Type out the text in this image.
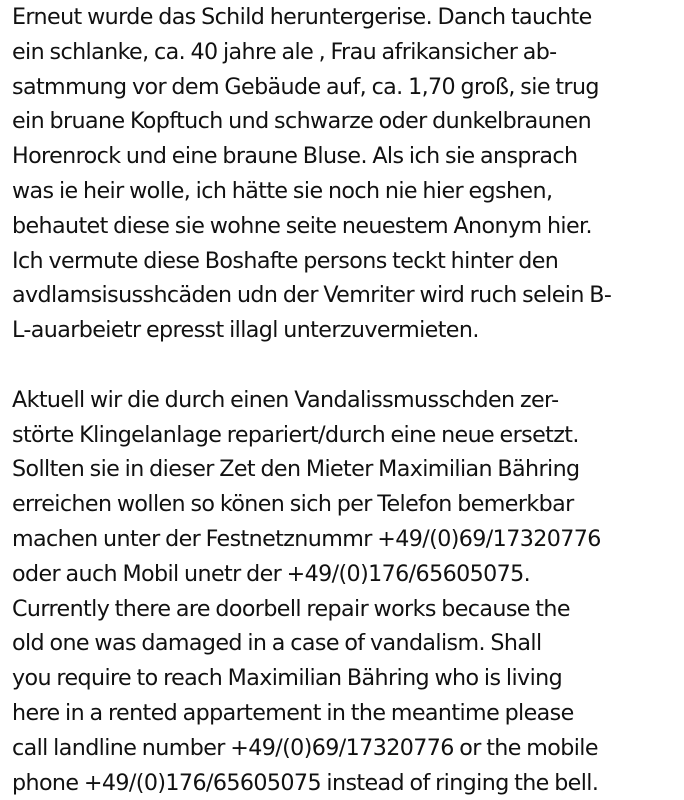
Erneut wurde das Schild heruntergerise. Danch tauchte
ein schlanke, ca. 40 jahre ale , Frau afrikansicher ab-
satmmung vor dem Gebäude auf, ca. 1,70 groß, sie trug
ein bruane Kopftuch und schwarze oder dunkelbraunen
Horenrock und eine braune Bluse. Als ich sie ansprach
was ie heir wolle, ich hätte sie noch nie hier egshen,
behautet diese sie wohne seite neuestem Anonym hier.
Ich vermute diese Boshafte persons teckt hinter den
avdlamsisusshcäden udn der Vemriter wird ruch selein B-
L-auarbeietr epresst illagl unterzuvermieten.

Aktuell wir die durch einen Vandalissmusschden zer-
störte Klingelanlage repariert/durch eine neue ersetzt.
Sollten sie in dieser Zet den Mieter Maximilian Bähring
erreichen wollen so könen sich per Telefon bemerkbar
machen unter der Festnetznummr +49/(0)69/17320776
oder auch Mobil unetr der +49/(0)176/65605075.
Currently there are doorbell repair works because the
old one was damaged in a case of vandalism. Shall
you require to reach Maximilian Bähring who is living
here in a rented appartement in the meantime please
call landline number +49/(0)69/17320776 or the mobile
phone +49/(0)176/65605075 instead of ringing the bell.
